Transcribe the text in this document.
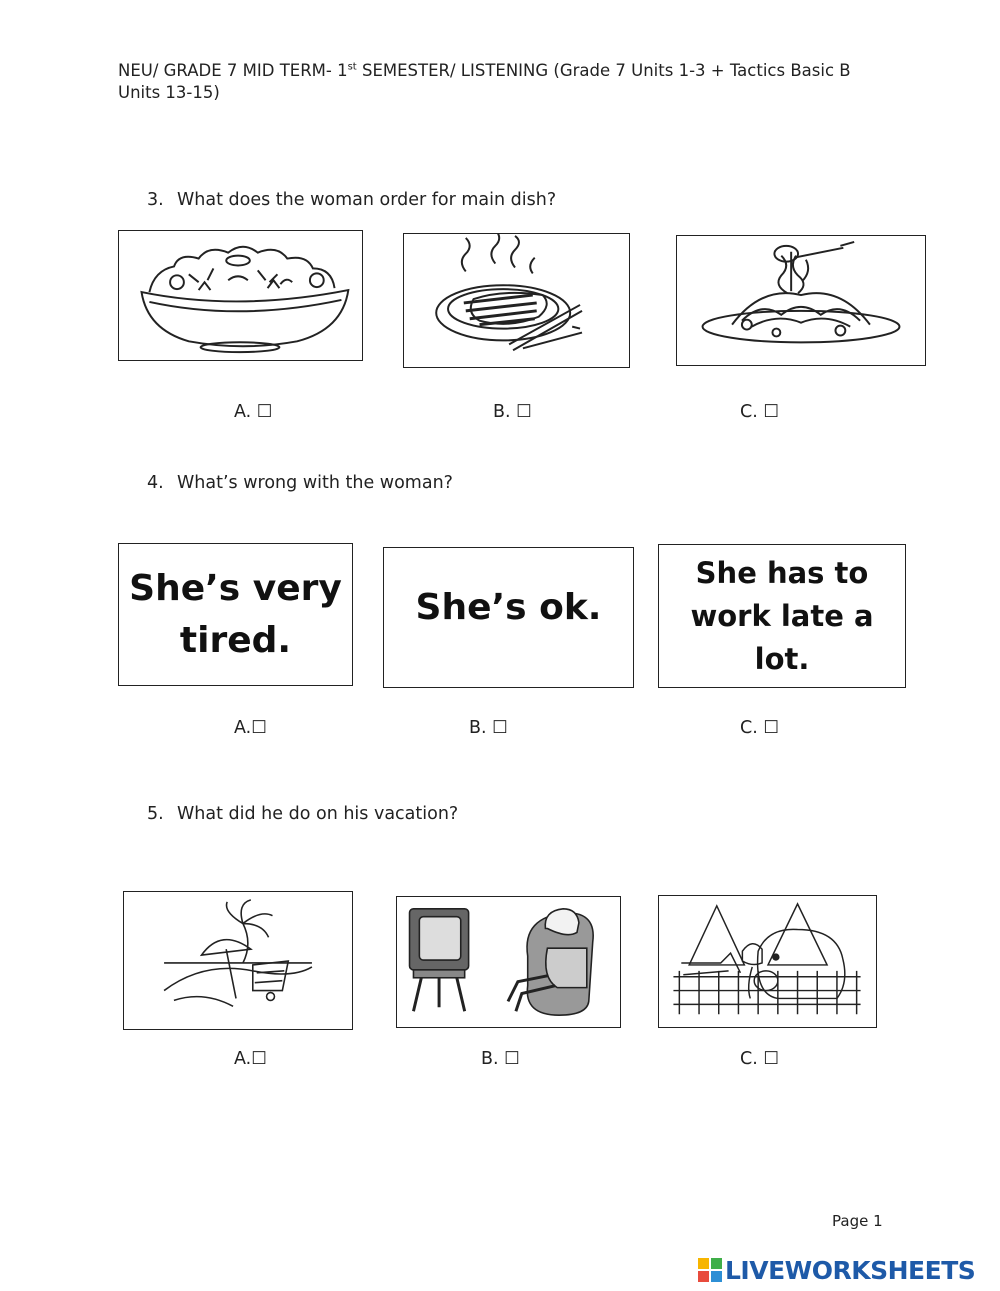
NEU/ GRADE 7 MID TERM- 1st SEMESTER/ LISTENING (Grade 7 Units 1-3 + Tactics Basic B
Units 13-15)
3. What does the woman order for main dish?
A. ☐	B. ☐	C. ☐
4. What’s wrong with the woman?
She’s very tired.
She’s ok.
She has to work late a lot.
A.☐	B. ☐	C. ☐
5. What did he do on his vacation?
A.☐	B. ☐	C. ☐
Page 1
LIVEWORKSHEETS
